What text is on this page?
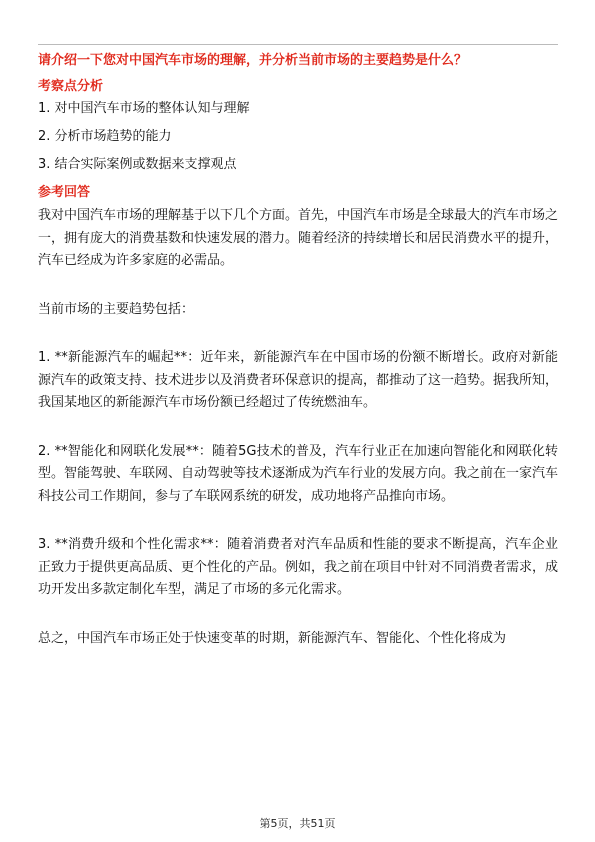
请介绍一下您对中国汽车市场的理解，并分析当前市场的主要趋势是什么？

考察点分析

1. 对中国汽车市场的整体认知与理解

2. 分析市场趋势的能力

3. 结合实际案例或数据来支撑观点

参考回答

我对中国汽车市场的理解基于以下几个方面。首先，中国汽车市场是全球最大的汽车市场之一，拥有庞大的消费基数和快速发展的潜力。随着经济的持续增长和居民消费水平的提升，汽车已经成为许多家庭的必需品。

当前市场的主要趋势包括：

1. **新能源汽车的崛起**：近年来，新能源汽车在中国市场的份额不断增长。政府对新能源汽车的政策支持、技术进步以及消费者环保意识的提高，都推动了这一趋势。据我所知，我国某地区的新能源汽车市场份额已经超过了传统燃油车。

2. **智能化和网联化发展**：随着5G技术的普及，汽车行业正在加速向智能化和网联化转型。智能驾驶、车联网、自动驾驶等技术逐渐成为汽车行业的发展方向。我之前在一家汽车科技公司工作期间，参与了车联网系统的研发，成功地将产品推向市场。

3. **消费升级和个性化需求**：随着消费者对汽车品质和性能的要求不断提高，汽车企业正致力于提供更高品质、更个性化的产品。例如，我之前在项目中针对不同消费者需求，成功开发出多款定制化车型，满足了市场的多元化需求。

总之，中国汽车市场正处于快速变革的时期，新能源汽车、智能化、个性化将成为

第5页，共51页
